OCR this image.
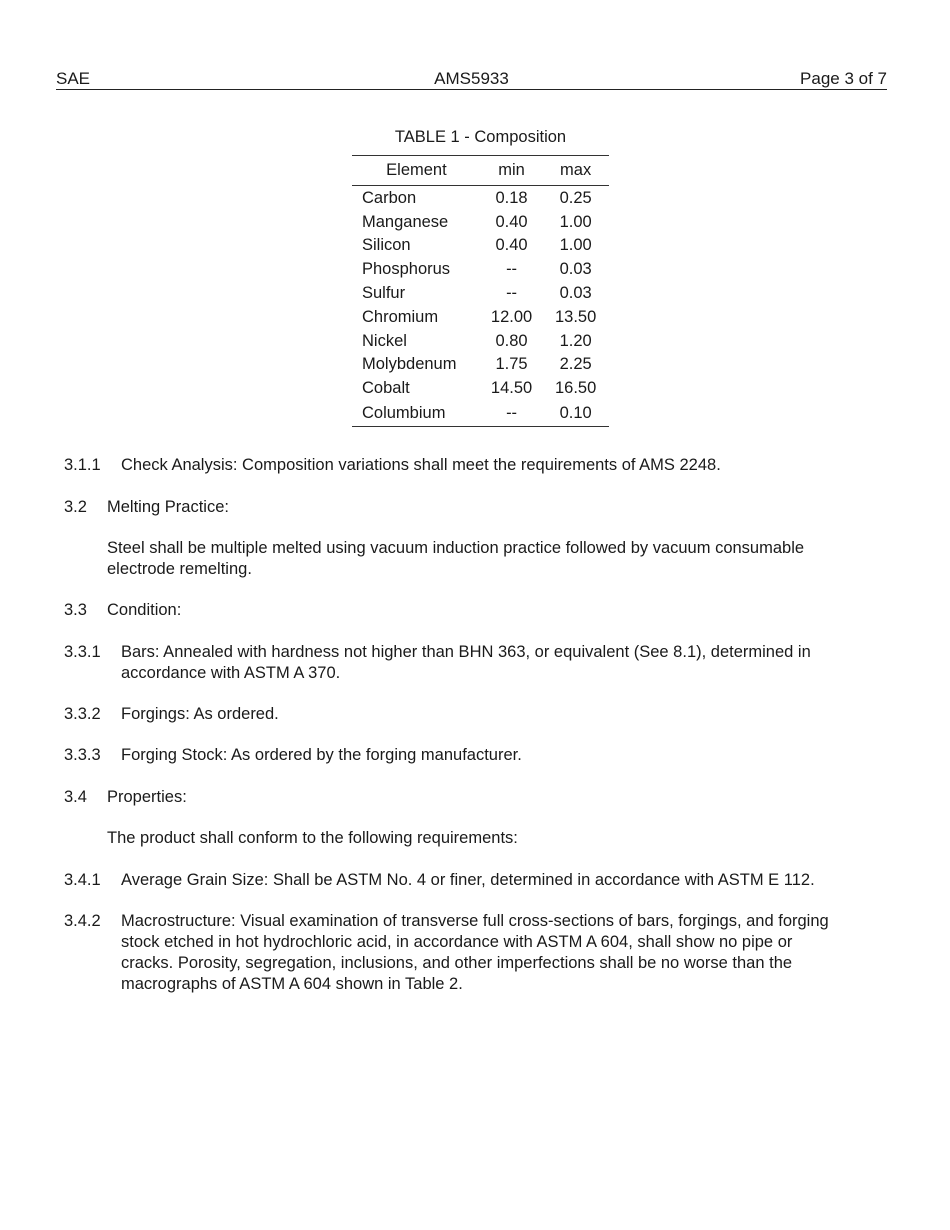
SAE	AMS5933	Page 3 of 7
TABLE 1 - Composition
Element	min	max
Carbon	0.18	0.25
Manganese	0.40	1.00
Silicon	0.40	1.00
Phosphorus	--	0.03
Sulfur	--	0.03
Chromium	12.00	13.50
Nickel	0.80	1.20
Molybdenum	1.75	2.25
Cobalt	14.50	16.50
Columbium	--	0.10
3.1.1 Check Analysis: Composition variations shall meet the requirements of AMS 2248.
3.2 Melting Practice:
Steel shall be multiple melted using vacuum induction practice followed by vacuum consumable
electrode remelting.
3.3 Condition:
3.3.1 Bars: Annealed with hardness not higher than BHN 363, or equivalent (See 8.1), determined in
accordance with ASTM A 370.
3.3.2 Forgings: As ordered.
3.3.3 Forging Stock: As ordered by the forging manufacturer.
3.4 Properties:
The product shall conform to the following requirements:
3.4.1 Average Grain Size: Shall be ASTM No. 4 or finer, determined in accordance with ASTM E 112.
3.4.2 Macrostructure: Visual examination of transverse full cross-sections of bars, forgings, and forging
stock etched in hot hydrochloric acid, in accordance with ASTM A 604, shall show no pipe or
cracks. Porosity, segregation, inclusions, and other imperfections shall be no worse than the
macrographs of ASTM A 604 shown in Table 2.
